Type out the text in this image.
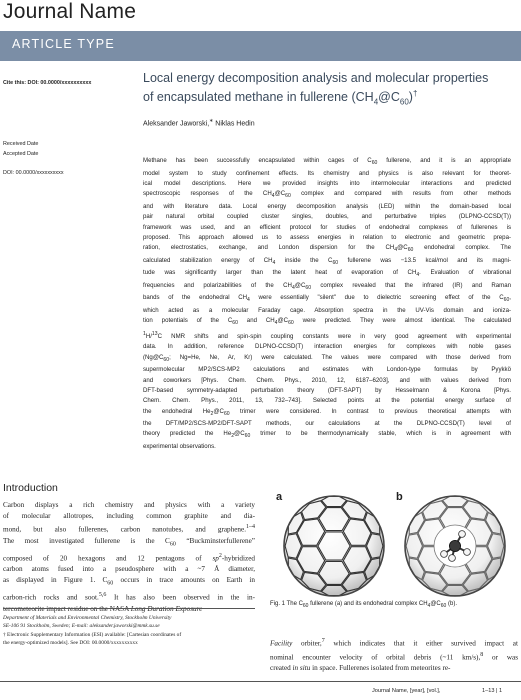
Journal Name
ARTICLE TYPE
Cite this: DOI: 00.0000/xxxxxxxxxx
Received Date
Accepted Date
DOI: 00.0000/xxxxxxxxxx
Local energy decomposition analysis and molecular properties
of encapsulated methane in fullerene $(CH_4@C_{60})^\dagger$
Aleksander Jaworski,∗ Niklas Hedin
Methane has been successfully encapsulated within cages of $C_{60}$ fullerene, and it is an appropriate
model system to study confinement effects. Its chemistry and physics is also relevant for theoret-
ical model descriptions. Here we provided insights into intermolecular interactions and predicted
spectroscopic responses of the $CH_4@C_{60}$ complex and compared with results from other methods
and with literature data. Local energy decomposition analysis (LED) within the domain-based local
pair natural orbital coupled cluster singles, doubles, and perturbative triples (DLPNO-CCSD(T))
framework was used, and an efficient protocol for studies of endohedral complexes of fullerenes is
proposed. This approach allowed us to assess energies in relation to electronic and geometric prepa-
ration, electrostatics, exchange, and London dispersion for the $CH_4@C_{60}$ endohedral complex. The
calculated stabilization energy of $CH_4$ inside the $C_{60}$ fullerene was −13.5 kcal/mol and its magni-
tude was significantly larger than the latent heat of evaporation of $CH_4$. Evaluation of vibrational
frequencies and polarizabilities of the $CH_4@C_{60}$ complex revealed that the infrared (IR) and Raman
bands of the endohedral $CH_4$ were essentially "silent" due to dielectric screening effect of the $C_{60}$,
which acted as a molecular Faraday cage. Absorption spectra in the UV-Vis domain and ioniza-
tion potentials of the $C_{60}$ and $CH_4@C_{60}$ were predicted. They were almost identical. The calculated
$^1$H/$^{13}$C NMR shifts and spin-spin coupling constants were in very good agreement with experimental
data. In addition, reference DLPNO-CCSD(T) interaction energies for complexes with noble gases
($Ng@C_{60}$; Ng=He, Ne, Ar, Kr) were calculated. The values were compared with those derived from
supermolecular MP2/SCS-MP2 calculations and estimates with London-type formulas by Pyykkö
and coworkers [Phys. Chem. Chem. Phys., 2010, 12, 6187–6203], and with values derived from
DFT-based symmetry-adapted perturbation theory (DFT-SAPT) by Hesselmann & Korona [Phys.
Chem. Chem. Phys., 2011, 13, 732–743]. Selected points at the potential energy surface of
the endohedral $He_2@C_{60}$ trimer were considered. In contrast to previous theoretical attempts with
the DFT/MP2/SCS-MP2/DFT-SAPT methods, our calculations at the DLPNO-CCSD(T) level of
theory predicted the $He_2@C_{60}$ trimer to be thermodynamically stable, which is in agreement with
experimental observations.
Introduction
Carbon displays a rich chemistry and physics with a variety
of molecular allotropes, including common graphite and dia-
mond, but also fullerenes, carbon nanotubes, and graphene.$^{1-4}$
The most investigated fullerene is the $C_{60}$ “Buckminsterfullerene”
composed of 20 hexagons and 12 pentagons of $sp^2$-hybridized
carbon atoms fused into a pseudosphere with a ~7 Å diameter,
as displayed in Figure 1. $C_{60}$ occurs in trace amounts on Earth in
carbon-rich rocks and soot.$^{5,6}$ It has also been observed in the in-
tercometeorite impact residue on the NASA Long Duration Exposure
a	b
Fig. 1 The $C_{60}$ fullerene (a) and its endohedral complex $CH_4@C_{60}$ (b).
Department of Materials and Environmental Chemistry, Stockholm University
SE-106 91 Stockholm, Sweden; E-mail: aleksander.jaworski@mmk.su.se
† Electronic Supplementary Information (ESI) available: [Cartesian coordinates of
the energy-optimized models]. See DOI: 00.0000/xxxxxxxxxx	Facility orbiter,$^7$ which indicates that it either survived impact at
nominal encounter velocity of orbital debris (~11 km/s),$^8$ or was
created in situ in space. Fullerenes isolated from meteorites re-
Journal Name, [year], [vol.],	1–13 | 1
